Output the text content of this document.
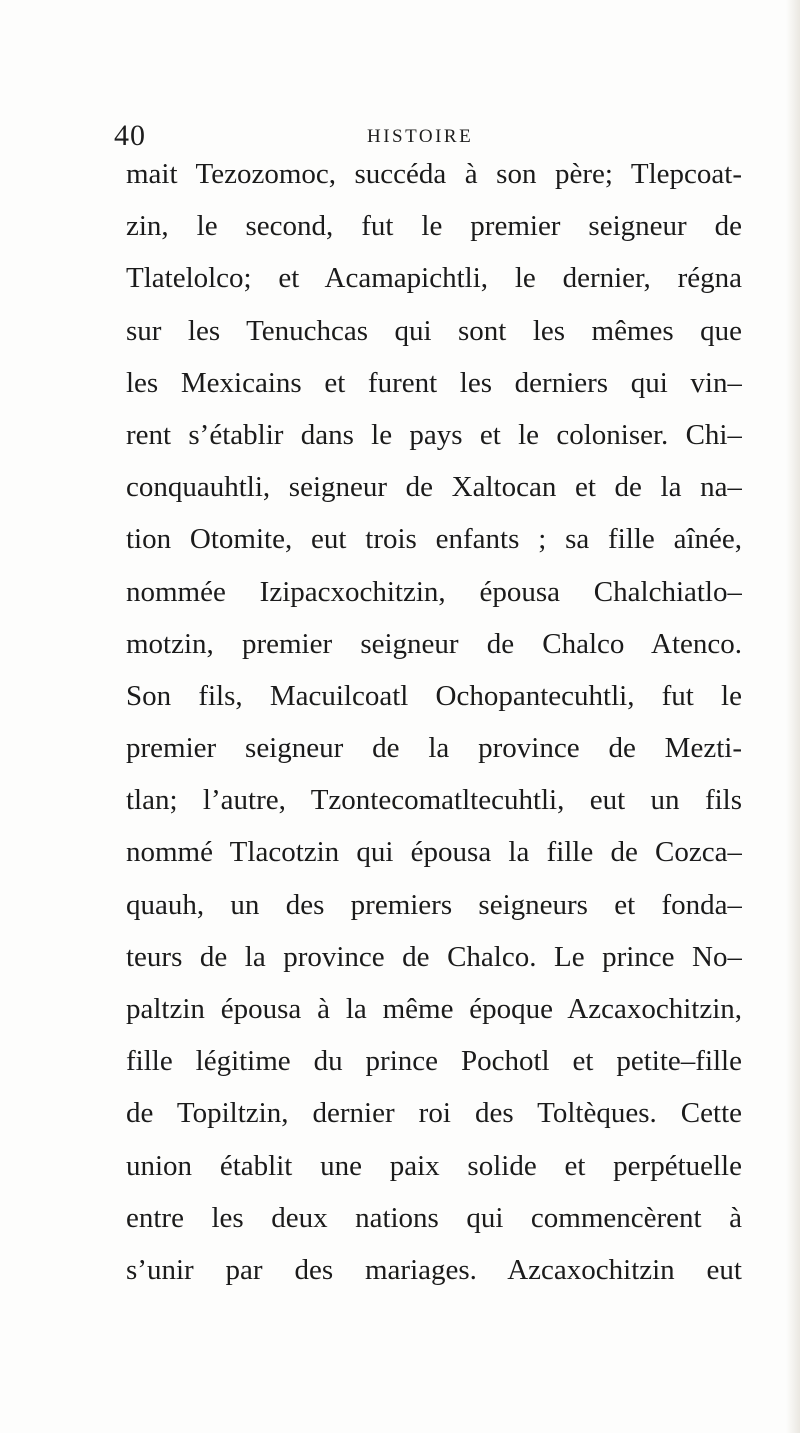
40	HISTOIRE
mait Tezozomoc, succéda à son père; Tlepcoat-
zin, le second, fut le premier seigneur de
Tlatelolco; et Acamapichtli, le dernier, régna
sur les Tenuchcas qui sont les mêmes que
les Mexicains et furent les derniers qui vin–
rent s’établir dans le pays et le coloniser. Chi–
conquauhtli, seigneur de Xaltocan et de la na–
tion Otomite, eut trois enfants ; sa fille aînée,
nommée Izipacxochitzin, épousa Chalchiatlo–
motzin, premier seigneur de Chalco Atenco.
Son fils, Macuilcoatl Ochopantecuhtli, fut le
premier seigneur de la province de Mezti-
tlan; l’autre, Tzontecomatltecuhtli, eut un fils
nommé Tlacotzin qui épousa la fille de Cozca–
quauh, un des premiers seigneurs et fonda–
teurs de la province de Chalco. Le prince No–
paltzin épousa à la même époque Azcaxochitzin,
fille légitime du prince Pochotl et petite–fille
de Topiltzin, dernier roi des Toltèques. Cette
union établit une paix solide et perpétuelle
entre les deux nations qui commencèrent à
s’unir par des mariages. Azcaxochitzin eut
